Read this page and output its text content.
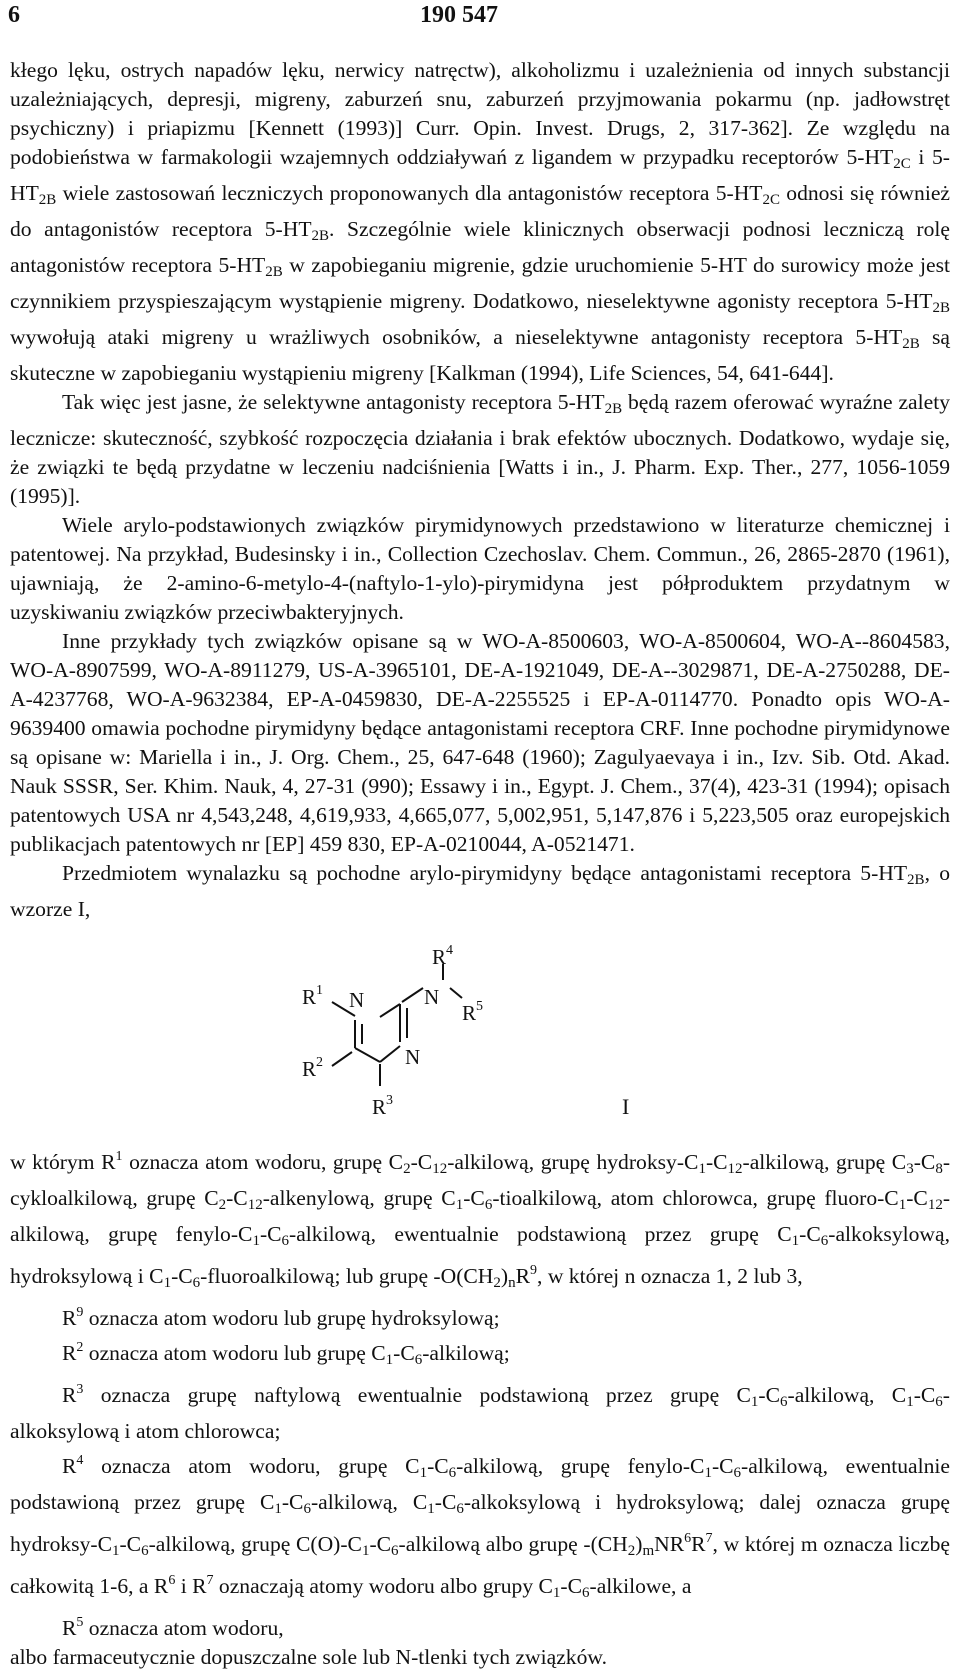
6	190 547

kłego lęku, ostrych napadów lęku, nerwicy natręctw), alkoholizmu i uzależnienia od innych substancji uzależniających, depresji, migreny, zaburzeń snu, zaburzeń przyjmowania pokarmu (np. jadłowstręt psychiczny) i priapizmu [Kennett (1993)] Curr. Opin. Invest. Drugs, 2, 317-362]. Ze względu na podobieństwa w farmakologii wzajemnych oddziaływań z ligandem w przypadku receptorów $5-HT_{2C}$ i $5-HT_{2B}$ wiele zastosowań leczniczych proponowanych dla antagonistów receptora $5-HT_{2C}$ odnosi się również do antagonistów receptora $5-HT_{2B}$. Szczególnie wiele klinicznych obserwacji podnosi leczniczą rolę antagonistów receptora $5-HT_{2B}$ w zapobieganiu migrenie, gdzie uruchomienie 5-HT do surowicy może jest czynnikiem przyspieszającym wystąpienie migreny. Dodatkowo, nieselektywne agonisty receptora $5-HT_{2B}$ wywołują ataki migreny u wrażliwych osobników, a nieselektywne antagonisty receptora $5-HT_{2B}$ są skuteczne w zapobieganiu wystąpieniu migreny [Kalkman (1994), Life Sciences, 54, 641-644].

Tak więc jest jasne, że selektywne antagonisty receptora $5-HT_{2B}$ będą razem oferować wyraźne zalety lecznicze: skuteczność, szybkość rozpoczęcia działania i brak efektów ubocznych. Dodatkowo, wydaje się, że związki te będą przydatne w leczeniu nadciśnienia [Watts i in., J. Pharm. Exp. Ther., 277, 1056-1059 (1995)].

Wiele arylo-podstawionych związków pirymidynowych przedstawiono w literaturze chemicznej i patentowej. Na przykład, Budesinsky i in., Collection Czechoslav. Chem. Commun., 26, 2865-2870 (1961), ujawniają, że 2-amino-6-metylo-4-(naftylo-1-ylo)-pirymidyna jest półproduktem przydatnym w uzyskiwaniu związków przeciwbakteryjnych.

Inne przykłady tych związków opisane są w WO-A-8500603, WO-A-8500604, WO-A--8604583, WO-A-8907599, WO-A-8911279, US-A-3965101, DE-A-1921049, DE-A--3029871, DE-A-2750288, DE-A-4237768, WO-A-9632384, EP-A-0459830, DE-A-2255525 i EP-A-0114770. Ponadto opis WO-A-9639400 omawia pochodne pirymidyny będące antagonistami receptora CRF. Inne pochodne pirymidynowe są opisane w: Mariella i in., J. Org. Chem., 25, 647-648 (1960); Zagulyaevaya i in., Izv. Sib. Otd. Akad. Nauk SSSR, Ser. Khim. Nauk, 4, 27-31 (990); Essawy i in., Egypt. J. Chem., 37(4), 423-31 (1994); opisach patentowych USA nr 4,543,248, 4,619,933, 4,665,077, 5,002,951, 5,147,876 i 5,223,505 oraz europejskich publikacjach patentowych nr [EP] 459 830, EP-A-0210044, A-0521471.

Przedmiotem wynalazku są pochodne arylo-pirymidyny będące antagonistami receptora $5-HT_{2B}$, o wzorze I,

$R^1$ N	N
$R^4$
$R^5$
N
$R^2$
$R^3$	I

w którym $R^1$ oznacza atom wodoru, grupę $C_2-C_{12}$-alkilową, grupę hydroksy-$C_1-C_{12}$-alkilową, grupę $C_3-C_8$-cykloalkilową, grupę $C_2-C_{12}$-alkenylową, grupę $C_1-C_6$-tioalkilową, atom chlorowca, grupę fluoro-$C_1-C_{12}$-alkilową, grupę fenylo-$C_1-C_6$-alkilową, ewentualnie podstawioną przez grupę $C_1-C_6$-alkoksylową, hydroksylową i $C_1-C_6$-fluoroalkilową; lub grupę $-O(CH_2)_nR^9$, w której n oznacza 1, 2 lub 3,

$R^9$ oznacza atom wodoru lub grupę hydroksylową;

$R^2$ oznacza atom wodoru lub grupę $C_1-C_6$-alkilową;

$R^3$ oznacza grupę naftylową ewentualnie podstawioną przez grupę $C_1-C_6$-alkilową, $C_1-C_6$-alkoksylową i atom chlorowca;

$R^4$ oznacza atom wodoru, grupę $C_1-C_6$-alkilową, grupę fenylo-$C_1-C_6$-alkilową, ewentualnie podstawioną przez grupę $C_1-C_6$-alkilową, $C_1-C_6$-alkoksylową i hydroksylową; dalej oznacza grupę hydroksy-$C_1-C_6$-alkilową, grupę $C(O)-C_1-C_6$-alkilową albo grupę $-(CH_2)_mNR^6R^7$, w której m oznacza liczbę całkowitą 1-6, a $R^6$ i $R^7$ oznaczają atomy wodoru albo grupy $C_1-C_6$-alkilowe, a

$R^5$ oznacza atom wodoru,

albo farmaceutycznie dopuszczalne sole lub N-tlenki tych związków.
